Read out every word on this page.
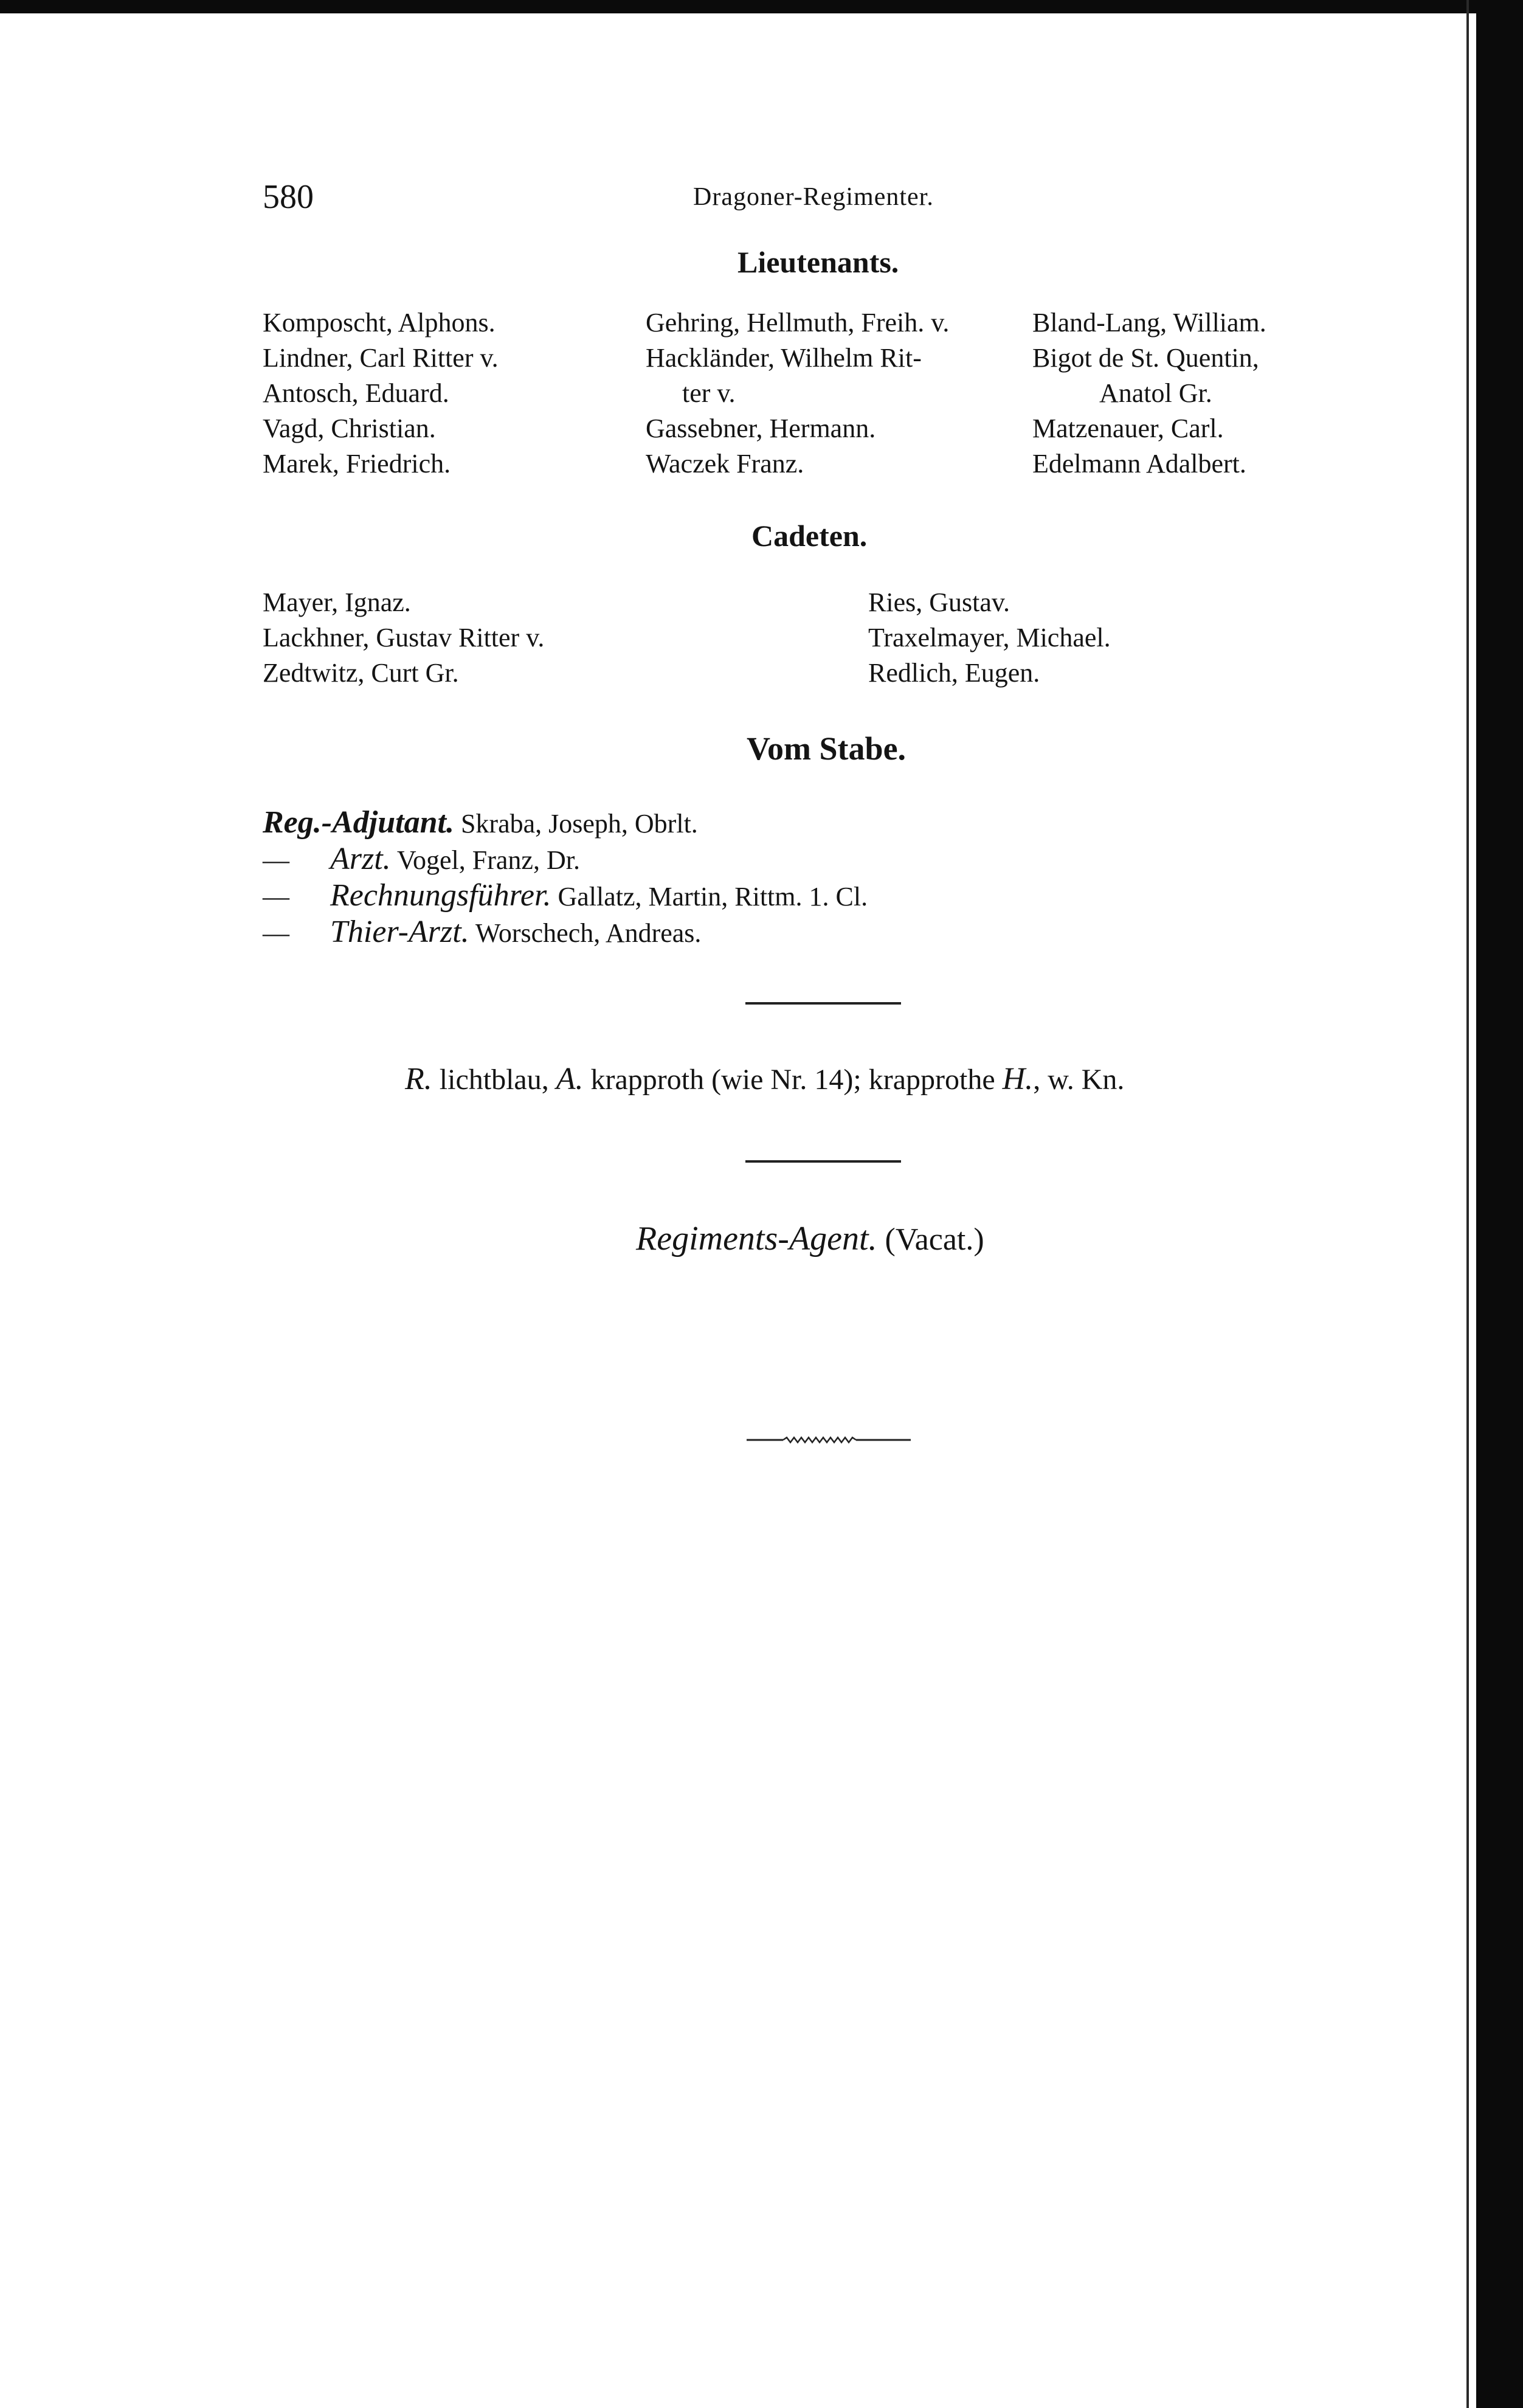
580	Dragoner-Regimenter.
Lieutenants.

Komposcht, Alphons.

Lindner, Carl Ritter v.

Antosch, Eduard.

Vagd, Christian.

Marek, Friedrich.

Gehring, Hellmuth, Freih. v.

Hackländer, Wilhelm Rit-

ter v.

Gassebner, Hermann.

Waczek Franz.

Bland-Lang, William.

Bigot de St. Quentin,

Anatol Gr.

Matzenauer, Carl.

Edelmann Adalbert.

Cadeten.

Mayer, Ignaz.

Lackhner, Gustav Ritter v.

Zedtwitz, Curt Gr.

Ries, Gustav.

Traxelmayer, Michael.

Redlich, Eugen.

Vom Stabe.

Reg.-Adjutant. Skraba, Joseph, Obrlt.

— Arzt. Vogel, Franz, Dr.

— Rechnungsführer. Gallatz, Martin, Rittm. 1. Cl.

— Thier-Arzt. Worschech, Andreas.

R. lichtblau, A. krapproth (wie Nr. 14); krapprothe H., w. Kn.
Regiments-Agent. (Vacat.)
